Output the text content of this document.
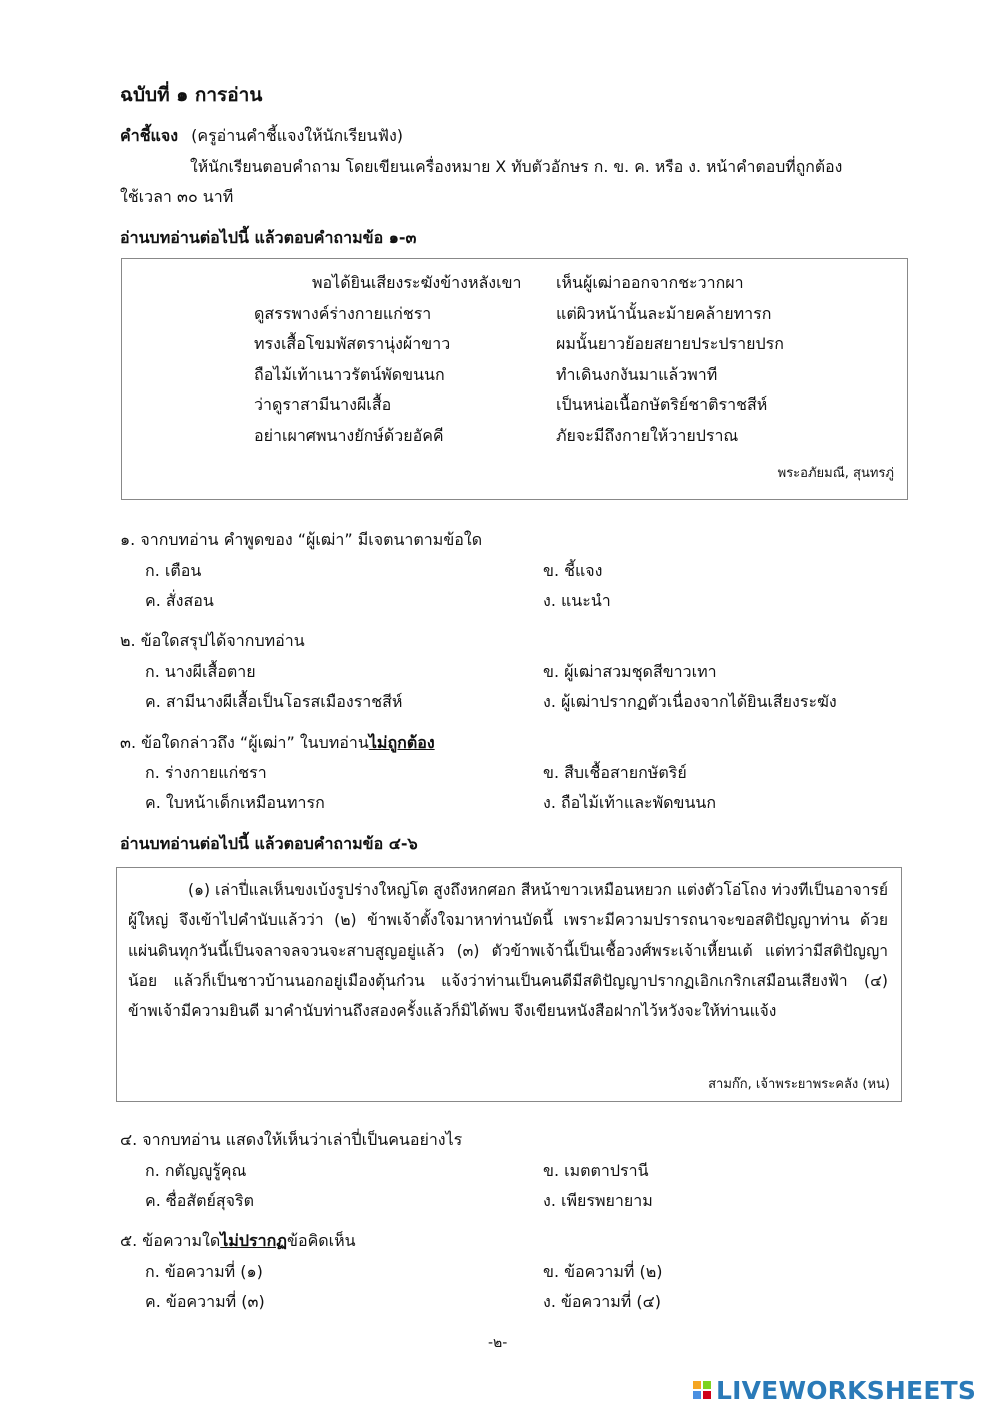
ฉบับที่ ๑ การอ่าน
คำชี้แจง (ครูอ่านคำชี้แจงให้นักเรียนฟัง)
ให้นักเรียนตอบคำถาม โดยเขียนเครื่องหมาย X ทับตัวอักษร ก. ข. ค. หรือ ง. หน้าคำตอบที่ถูกต้อง
ใช้เวลา ๓๐ นาที
อ่านบทอ่านต่อไปนี้ แล้วตอบคำถามข้อ ๑-๓
พอได้ยินเสียงระฆังข้างหลังเขา เห็นผู้เฒ่าออกจากชะวากผา
ดูสรรพางค์ร่างกายแก่ชรา	แต่ผิวหน้านั้นละม้ายคล้ายทารก
ทรงเสื้อโขมพัสตรานุ่งผ้าขาว	ผมนั้นยาวย้อยสยายประปรายปรก
ถือไม้เท้าเนาวรัตน์พัดขนนก	ทำเดินงกงันมาแล้วพาที
ว่าดูราสามีนางผีเสื้อ	เป็นหน่อเนื้อกษัตริย์ชาติราชสีห์
อย่าเผาศพนางยักษ์ด้วยอัคคี	ภัยจะมีถึงกายให้วายปราณ
พระอภัยมณี, สุนทรภู่
๑. จากบทอ่าน คำพูดของ “ผู้เฒ่า” มีเจตนาตามข้อใด
ก. เตือน	ข. ชี้แจง
ค. สั่งสอน	ง. แนะนำ
๒. ข้อใดสรุปได้จากบทอ่าน
ก. นางผีเสื้อตาย	ข. ผู้เฒ่าสวมชุดสีขาวเทา
ค. สามีนางผีเสื้อเป็นโอรสเมืองราชสีห์	ง. ผู้เฒ่าปรากฏตัวเนื่องจากได้ยินเสียงระฆัง
๓. ข้อใดกล่าวถึง “ผู้เฒ่า” ในบทอ่านไม่ถูกต้อง
ก. ร่างกายแก่ชรา	ข. สืบเชื้อสายกษัตริย์
ค. ใบหน้าเด็กเหมือนทารก	ง. ถือไม้เท้าและพัดขนนก
อ่านบทอ่านต่อไปนี้ แล้วตอบคำถามข้อ ๔-๖
(๑) เล่าปี่แลเห็นขงเบ้งรูปร่างใหญ่โต สูงถึงหกศอก สีหน้าขาวเหมือนหยวก แต่งตัวโอ่โถง ท่วงทีเป็นอาจารย์ผู้ใหญ่ จึงเข้าไปคำนับแล้วว่า (๒) ข้าพเจ้าตั้งใจมาหาท่านบัดนี้ เพราะมีความปรารถนาจะขอสติปัญญาท่าน ด้วยแผ่นดินทุกวันนี้เป็นจลาจลจวนจะสาบสูญอยู่แล้ว (๓) ตัวข้าพเจ้านี้เป็นเชื้อวงศ์พระเจ้าเหี้ยนเต้ แต่ทว่ามีสติปัญญาน้อย แล้วก็เป็นชาวบ้านนอกอยู่เมืองตุ้นก๋วน แจ้งว่าท่านเป็นคนดีมีสติปัญญาปรากฏเอิกเกริกเสมือนเสียงฟ้า (๔) ข้าพเจ้ามีความยินดี มาคำนับท่านถึงสองครั้งแล้วก็มิได้พบ จึงเขียนหนังสือฝากไว้หวังจะให้ท่านแจ้ง
สามก๊ก, เจ้าพระยาพระคลัง (หน)
๔. จากบทอ่าน แสดงให้เห็นว่าเล่าปี่เป็นคนอย่างไร
ก. กตัญญูรู้คุณ	ข. เมตตาปรานี
ค. ซื่อสัตย์สุจริต	ง. เพียรพยายาม
๕. ข้อความใดไม่ปรากฏข้อคิดเห็น
ก. ข้อความที่ (๑)	ข. ข้อความที่ (๒)
ค. ข้อความที่ (๓)	ง. ข้อความที่ (๔)
-๒-
LIVEWORKSHEETS
